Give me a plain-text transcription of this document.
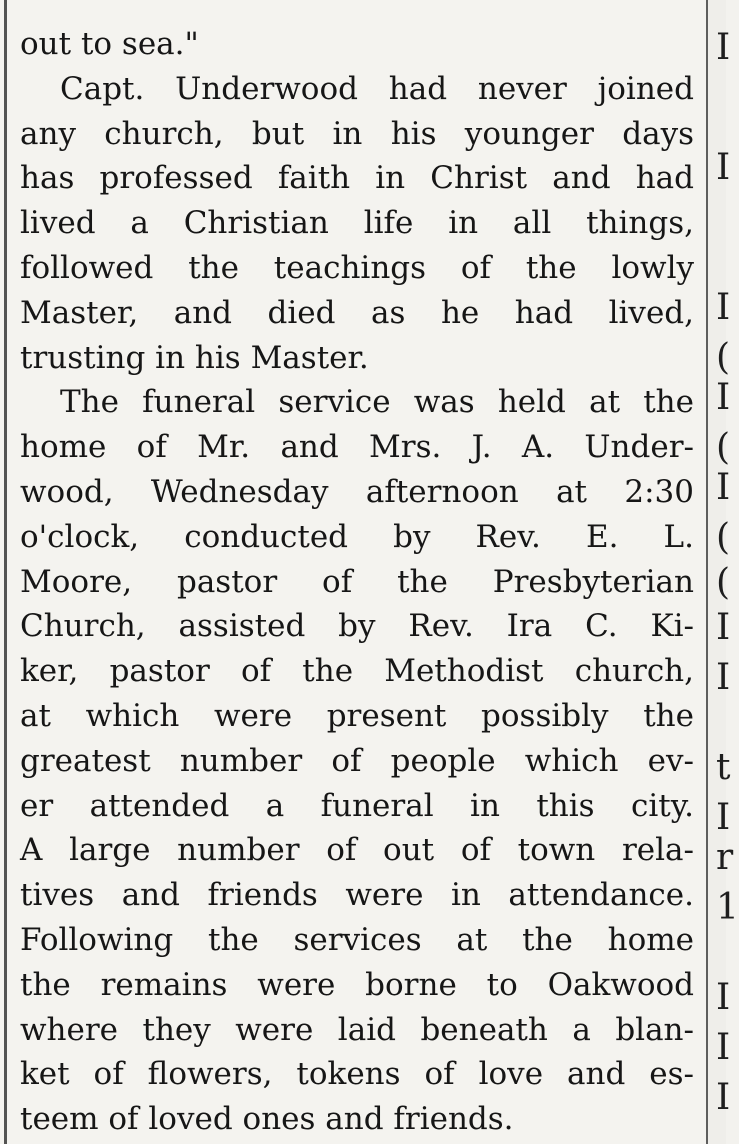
out to sea."
Capt. Underwood had never joined
any church, but in his younger days
has professed faith in Christ and had
lived a Christian life in all things,
followed the teachings of the lowly
Master, and died as he had lived,
trusting in his Master.
The funeral service was held at the
home of Mr. and Mrs. J. A. Under-
wood, Wednesday afternoon at 2:30
o'clock, conducted by Rev. E. L.
Moore, pastor of the Presbyterian
Church, assisted by Rev. Ira C. Ki-
ker, pastor of the Methodist church,
at which were present possibly the
greatest number of people which ev-
er attended a funeral in this city.
A large number of out of town rela-
tives and friends were in attendance.
Following the services at the home
the remains were borne to Oakwood
where they were laid beneath a blan-
ket of flowers, tokens of love and es-
teem of loved ones and friends.
I
I
I
(
I
(
I
(
(
I
I
t
I
r
1
I
I
I
